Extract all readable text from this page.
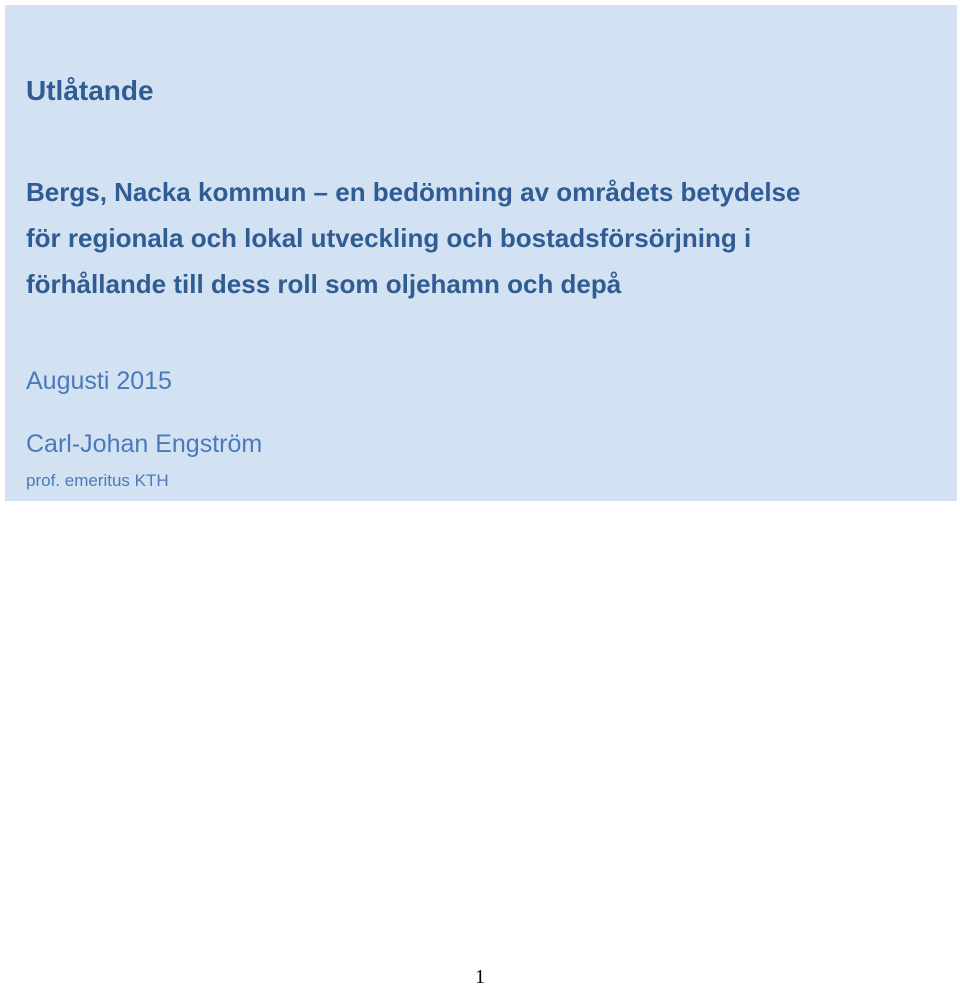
Utlåtande
Bergs, Nacka kommun – en bedömning av områdets betydelse
för regionala och lokal utveckling och bostadsförsörjning i
förhållande till dess roll som oljehamn och depå

Augusti 2015

Carl-Johan Engström

prof. emeritus KTH

1
